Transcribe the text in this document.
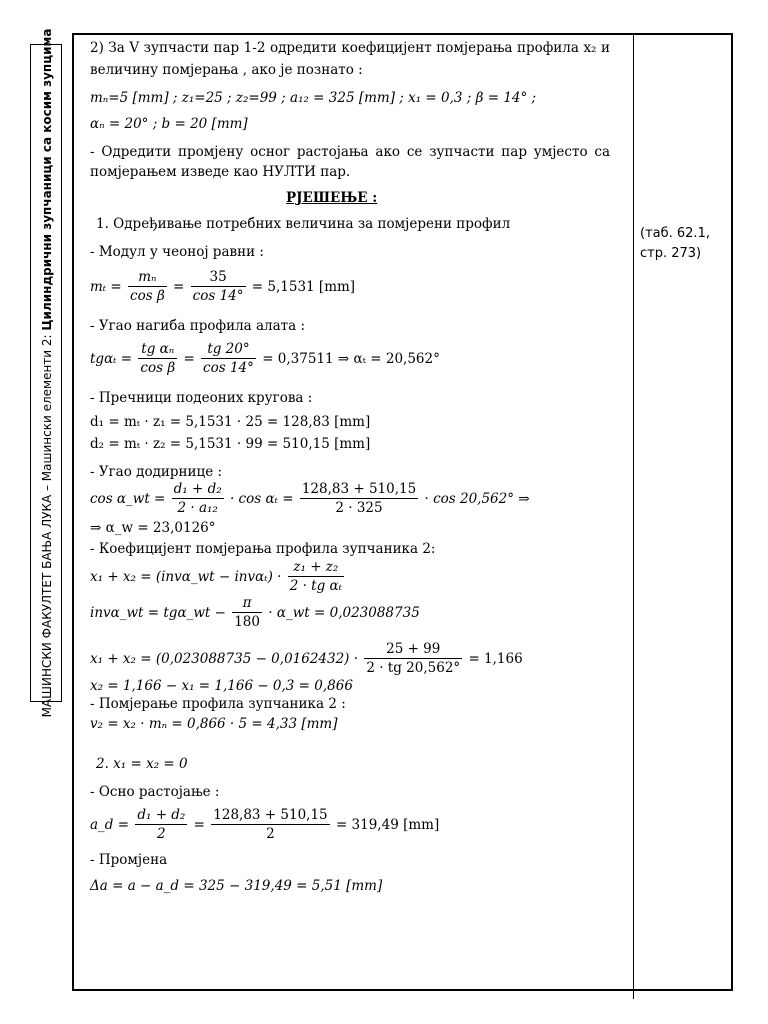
МАШИНСКИ ФАКУЛТЕТ БАЊА ЛУКА – Машински елементи 2: Цилиндрични зупчаници са косим зупцима	(таб. 62.1, стр. 273)
2) За V зупчасти пар 1-2 одредити коефицијент помјерања профила x₂ и
величину помјерања , ако је познато :
mₙ=5 [mm] ; z₁=25 ; z₂=99 ; a₁₂ = 325 [mm] ; x₁ = 0,3 ; β = 14° ;
αₙ = 20° ; b = 20 [mm]
- Одредити промјену осног растојања ако се зупчасти пар умјесто са
помјерањем изведе као НУЛТИ пар.
РЈЕШЕЊЕ :
1. Одређивање потребних величина за помјерени профил
- Модул у чеоној равни :
$m_t = \frac{\text{mₙ}}{\text{cos β}} = \frac{35}{\cos 14^\circ} = 5,1531$ [mm]
- Угао нагиба профила алата :
$tg\alpha_t = \frac{\text{tg αₙ}}{\text{cos β}} = \frac{tg 20^\circ}{\cos 14^\circ} = 0,37511$ ⇒ αₜ = 20,562°
- Пречници подеоних кругова :
d₁ = mₜ · z₁ = 5,1531 · 25 = 128,83 [mm]
d₂ = mₜ · z₂ = 5,1531 · 99 = 510,15 [mm]
- Угао додирнице :
cos α_wt = $\frac{\text{d₁ + d₂}}{\text{2 · a₁₂}} \cdot \cos \alpha_t = \frac{128,83 + 510,15}{2 \cdot 325} \cdot \cos 20,562^\circ$ ⇒
⇒ α_w = 23,0126°
- Коефицијент помјерања профила зупчаника 2:
x₁ + x₂ = (invα_wt − $inv\alpha_t) \cdot \frac{\text{z₁ + z₂}}{\text{2 · tg αₜ}}$
invα_wt = tgα_wt − $\frac{\pi}{180}$ · α_wt = 0,023088735
$x_1 + x_2 = (0,023088735 - 0,0162432) \cdot \frac{25 + 99}{2 \cdot tg 20,562^\circ} = 1,166$
x₂ = 1,166 − x₁ = 1,166 − 0,3 = 0,866
- Помјерање профила зупчаника 2 :
v₂ = x₂ · mₙ = 0,866 · 5 = 4,33 [mm]
2. x₁ = x₂ = 0
- Осно растојање :
a_d = $\frac{\text{d₁ + d₂}}{2} = \frac{128,83 + 510,15}{2} = 319,49$ [mm]
- Промјена
Δa = a − a_d = 325 − 319,49 = 5,51 [mm]
